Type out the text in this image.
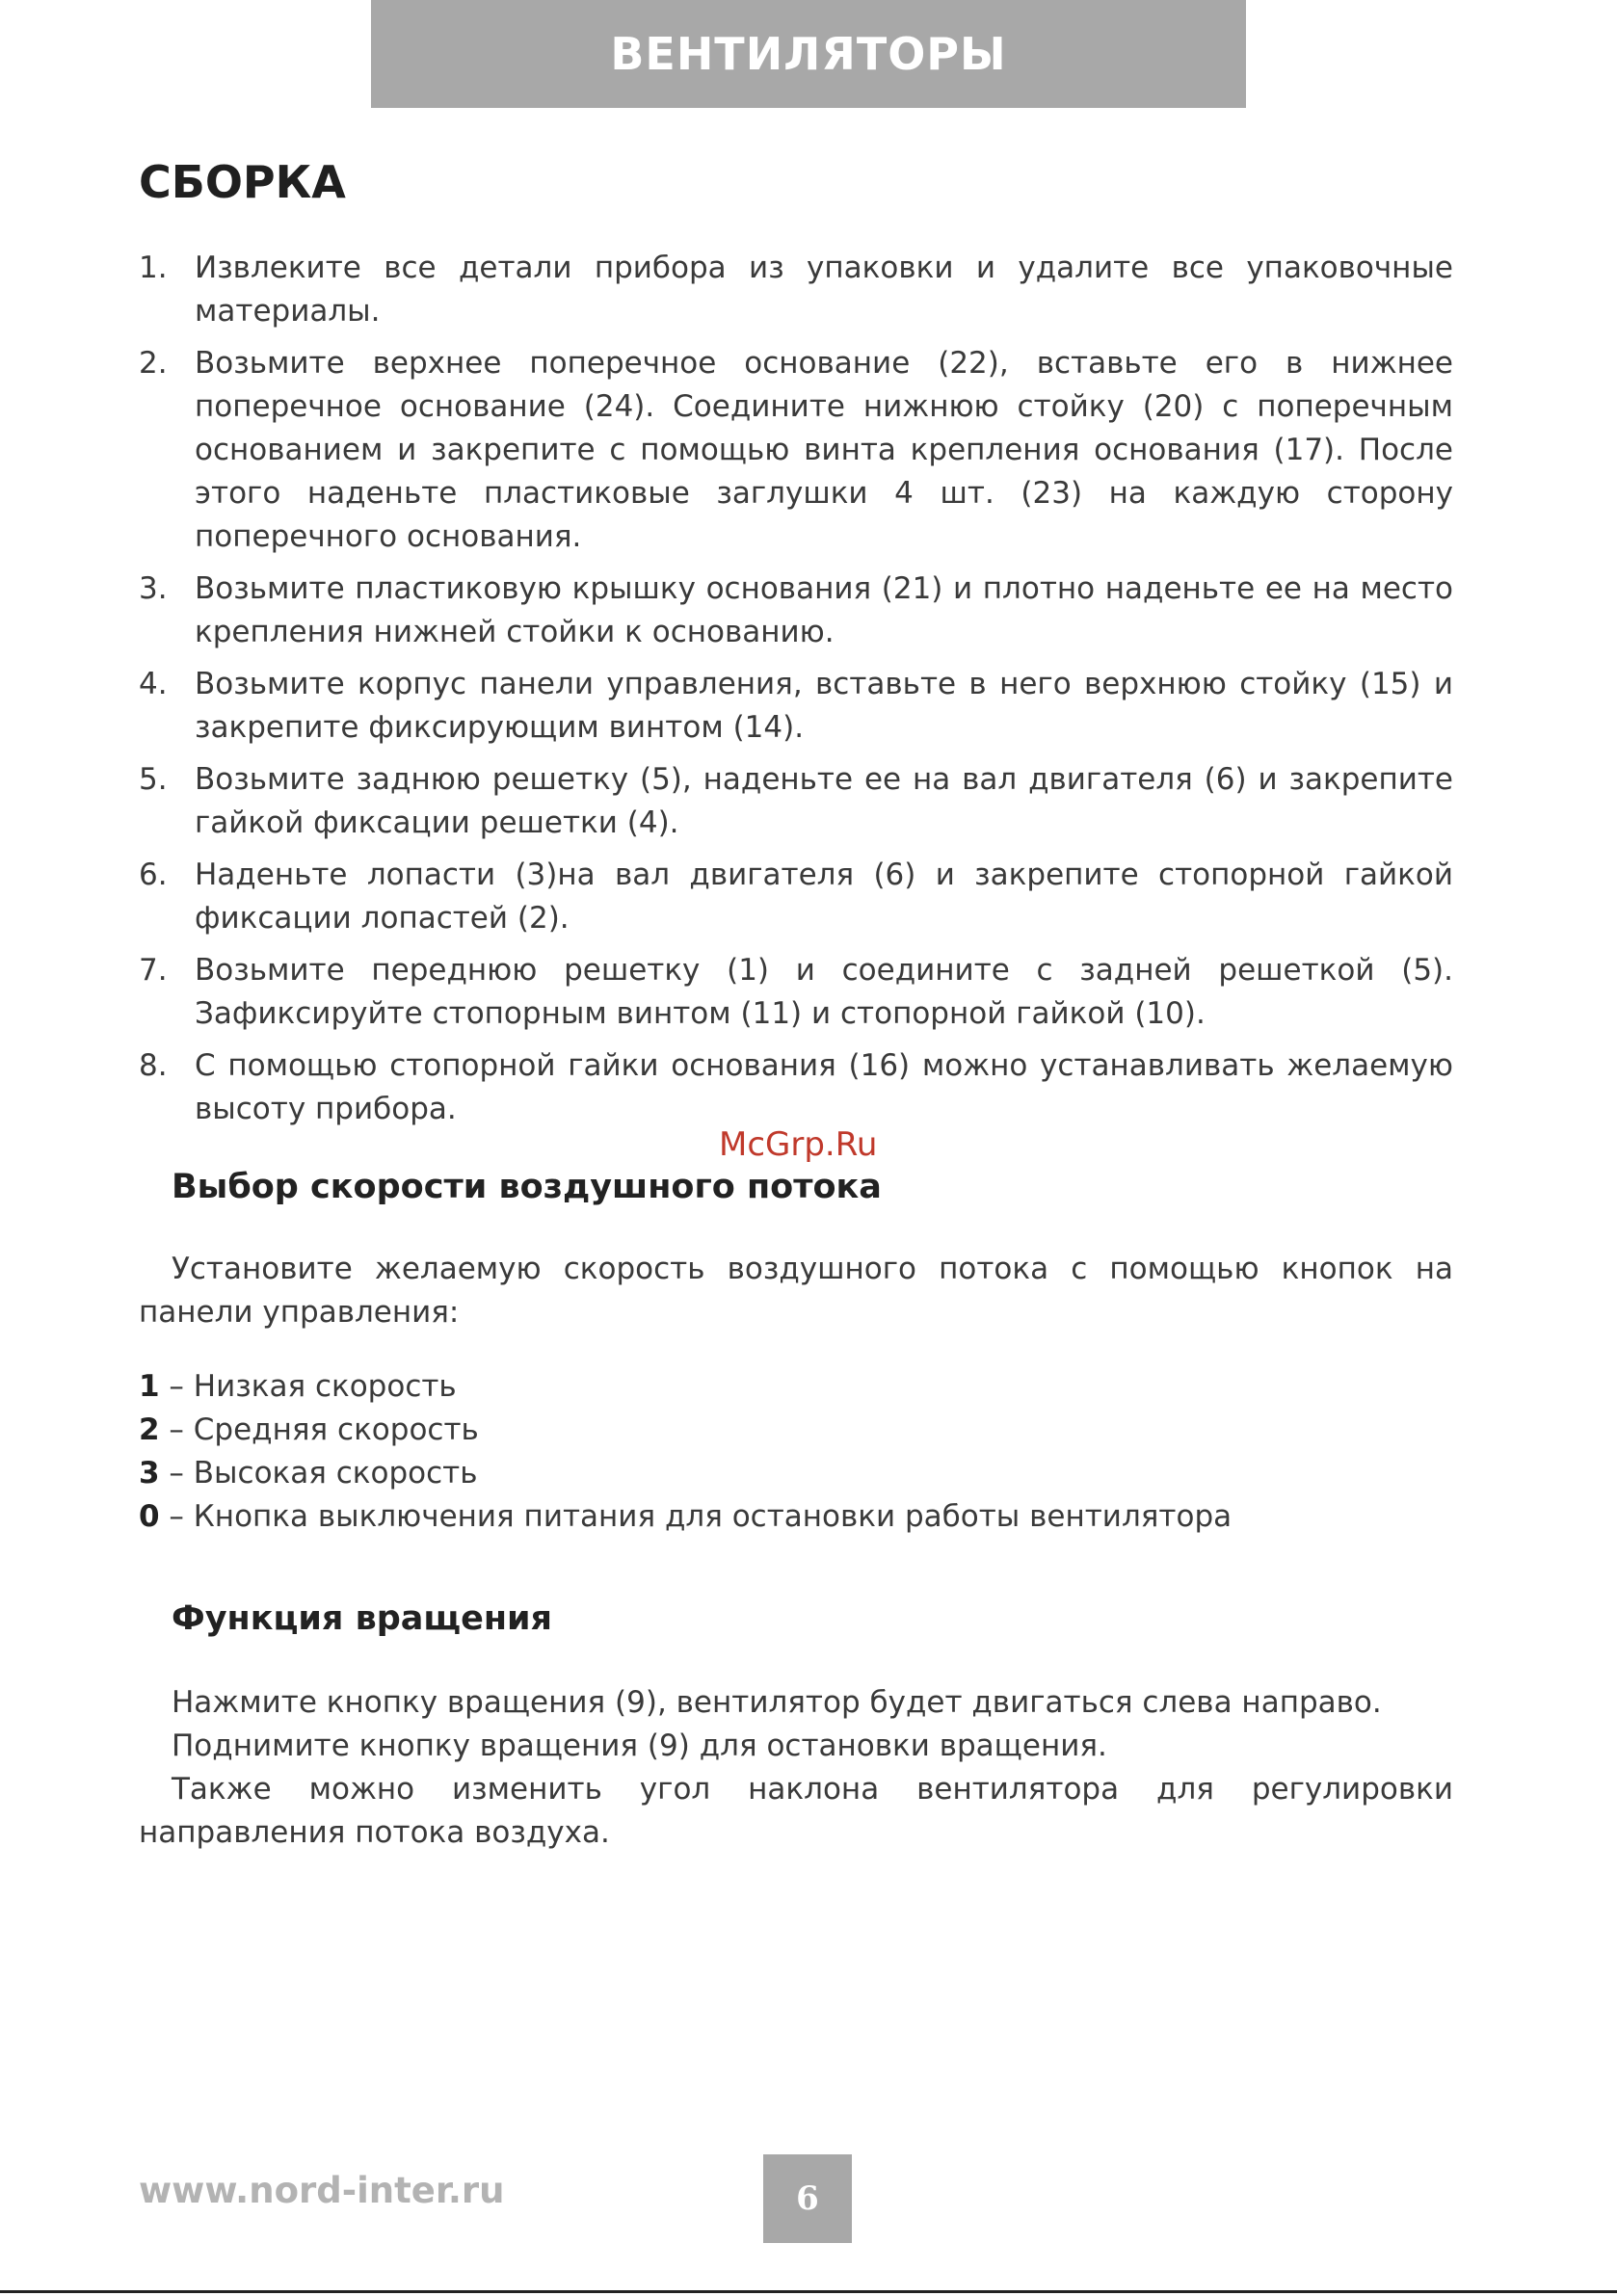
ВЕНТИЛЯТОРЫ
СБОРКА
1. Извлеките все детали прибора из упаковки и удалите все упаковочные материалы.
2. Возьмите верхнее поперечное основание (22), вставьте его в нижнее поперечное основание (24). Соедините нижнюю стойку (20) с поперечным основанием и закрепите с помощью винта крепления основания (17). После этого наденьте пластиковые заглушки 4 шт. (23) на каждую сторону поперечного основания.
3. Возьмите пластиковую крышку основания (21) и плотно наденьте ее на место крепления нижней стойки к основанию.
4. Возьмите корпус панели управления, вставьте в него верхнюю стойку (15) и закрепите фиксирующим винтом (14).
5. Возьмите заднюю решетку (5), наденьте ее на вал двигателя (6) и закрепите гайкой фиксации решетки (4).
6. Наденьте лопасти (3)на вал двигателя (6) и закрепите стопорной гайкой фиксации лопастей (2).
7. Возьмите переднюю решетку (1) и соедините с задней решеткой (5). Зафиксируйте стопорным винтом (11) и стопорной гайкой (10).
8. С помощью стопорной гайки основания (16) можно устанавливать желаемую высоту прибора.
McGrp.Ru
Выбор скорости воздушного потока

Установите желаемую скорость воздушного потока с помощью кнопок на панели управления:

1 – Низкая скорость
2 – Средняя скорость
3 – Высокая скорость
0 – Кнопка выключения питания для остановки работы вентилятора
Функция вращения

Нажмите кнопку вращения (9), вентилятор будет двигаться слева направо.

Поднимите кнопку вращения (9) для остановки вращения.

Также можно изменить угол наклона вентилятора для регулировки направления потока воздуха.

www.nord-inter.ru	6
